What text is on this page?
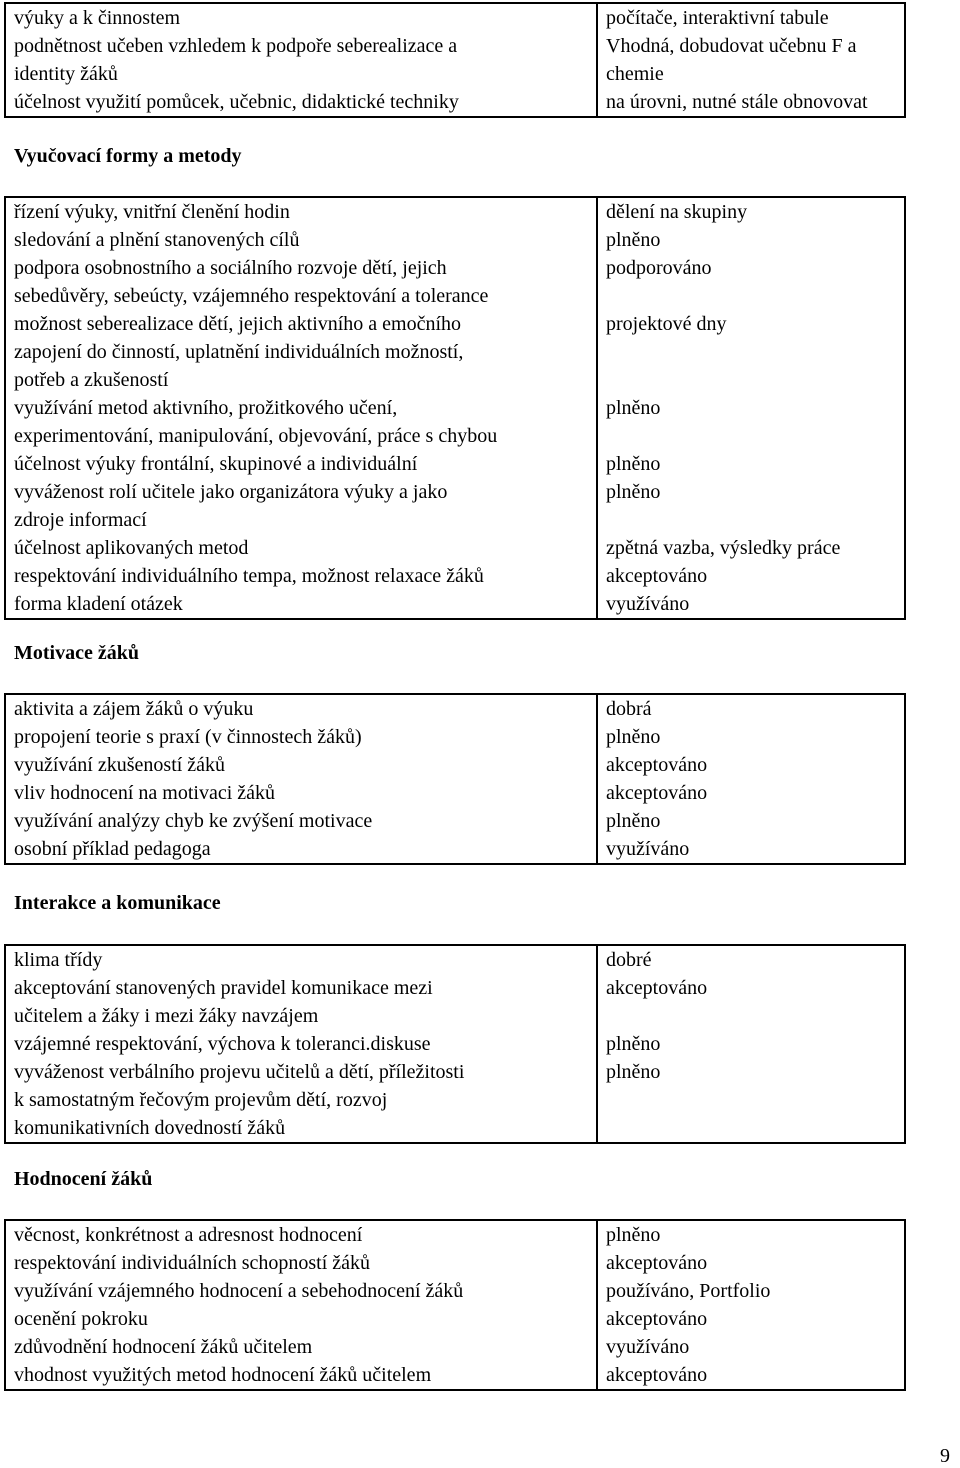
výuky a k činnostem
podnětnost učeben vzhledem k podpoře seberealizace a
identity žáků
účelnost využití pomůcek, učebnic, didaktické techniky
počítače, interaktivní tabule
Vhodná, dobudovat učebnu F a
chemie
na úrovni, nutné stále obnovovat
Vyučovací formy a metody
řízení výuky, vnitřní členění hodin
sledování a plnění stanovených cílů
podpora osobnostního a sociálního rozvoje dětí, jejich
sebedůvěry, sebeúcty, vzájemného respektování a tolerance
možnost seberealizace dětí, jejich aktivního a emočního
zapojení do činností, uplatnění individuálních možností,
potřeb a zkušeností
využívání metod aktivního, prožitkového učení,
experimentování, manipulování, objevování, práce s chybou
účelnost výuky frontální, skupinové a individuální
vyváženost rolí učitele jako organizátora výuky a jako
zdroje informací
účelnost aplikovaných metod
respektování individuálního tempa, možnost relaxace žáků
forma kladení otázek
dělení na skupiny
plněno
podporováno
projektové dny
plněno
plněno
plněno
zpětná vazba, výsledky práce
akceptováno
využíváno
Motivace žáků
aktivita a zájem žáků o výuku
propojení teorie s praxí (v činnostech žáků)
využívání zkušeností žáků
vliv hodnocení na motivaci žáků
využívání analýzy chyb ke zvýšení motivace
osobní příklad pedagoga
dobrá
plněno
akceptováno
akceptováno
plněno
využíváno
Interakce a komunikace
klima třídy
akceptování stanovených pravidel komunikace mezi
učitelem a žáky i mezi žáky navzájem
vzájemné respektování, výchova k toleranci.diskuse
vyváženost verbálního projevu učitelů a dětí, příležitosti
k samostatným řečovým projevům dětí, rozvoj
komunikativních dovedností žáků
dobré
akceptováno
plněno
plněno
Hodnocení žáků
věcnost, konkrétnost a adresnost hodnocení
respektování individuálních schopností žáků
využívání vzájemného hodnocení a sebehodnocení žáků
ocenění pokroku
zdůvodnění hodnocení žáků učitelem
vhodnost využitých metod hodnocení žáků učitelem
plněno
akceptováno
používáno, Portfolio
akceptováno
využíváno
akceptováno
9
